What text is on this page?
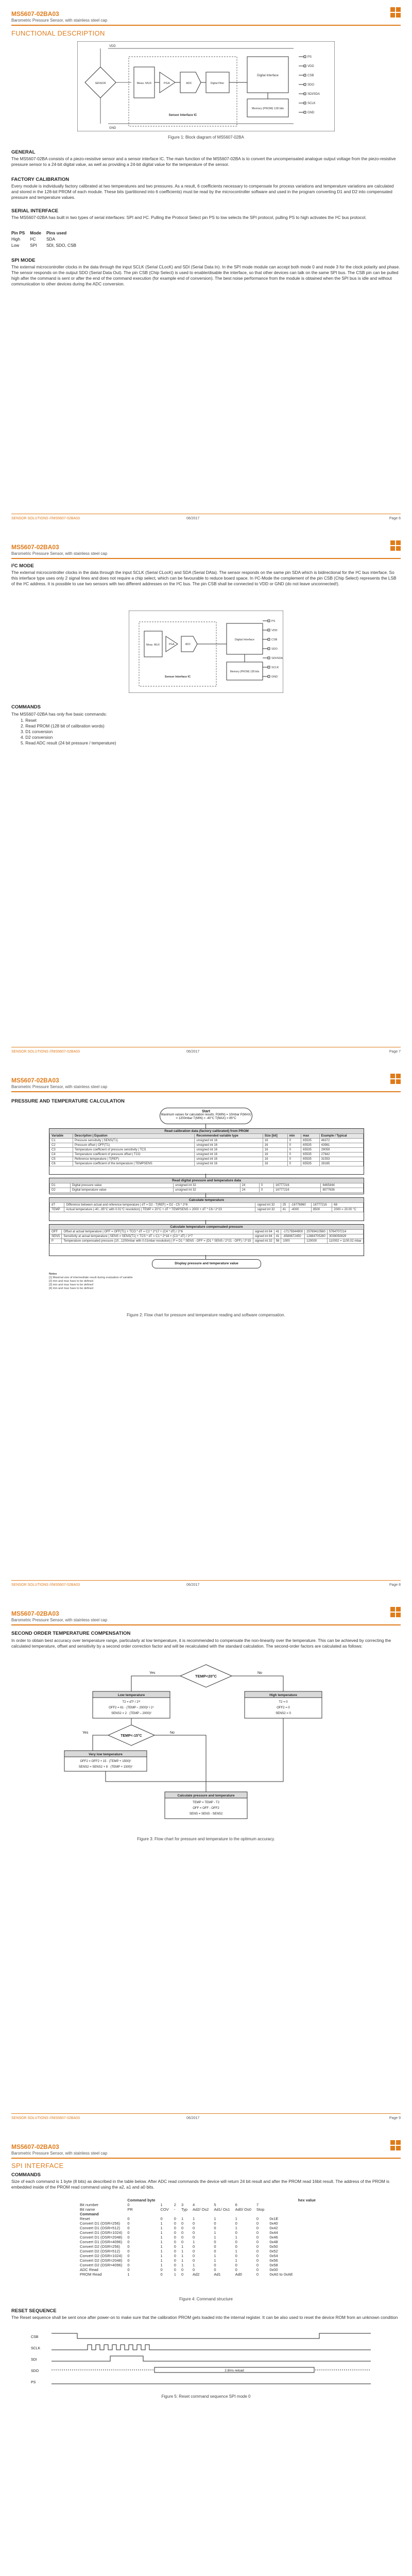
MS5607-02BA03
Barometric Pressure Sensor, with stainless steel cap
FUNCTIONAL DESCRIPTION
VDD
GND
SENSOR	Meas. MUX	PGA	ADC	Digital Filter
Sensor Interface IC
Digital Interface
Memory (PROM) 128 bits
PS
VDD
CSB
SDO
SDI/SDA
SCLK
GND
Figure 1: Block diagram of MS5607-02BA
GENERAL
The MS5607-02BA consists of a piezo-resistive sensor and a sensor interface IC. The main function of the MS5607-02BA is to convert the uncompensated analogue output voltage from the piezo-resistive pressure sensor to a 24-bit digital value, as well as providing a 24-bit digital value for the temperature of the sensor.
FACTORY CALIBRATION
Every module is individually factory calibrated at two temperatures and two pressures. As a result, 6 coefficients necessary to compensate for process variations and temperature variations are calculated and stored in the 128-bit PROM of each module. These bits (partitioned into 6 coefficients) must be read by the microcontroller software and used in the program converting D1 and D2 into compensated pressure and temperature values.
SERIAL INTERFACE
The MS5607-02BA has built in two types of serial interfaces: SPI and I²C. Pulling the Protocol Select pin PS to low selects the SPI protocol, pulling PS to high activates the I²C bus protocol.
Pin PS	Mode	Pins used
High	I²C	SDA
Low	SPI	SDI, SDO, CSB
SPI MODE
The external microcontroller clocks in the data through the input SCLK (Serial CLocK) and SDI (Serial Data In). In the SPI mode module can accept both mode 0 and mode 3 for the clock polarity and phase. The sensor responds on the output SDO (Serial Data Out). The pin CSB (Chip Select) is used to enable/disable the interface, so that other devices can talk on the same SPI bus. The CSB pin can be pulled high after the command is sent or after the end of the command execution (for example end of conversion). The best noise performance from the module is obtained when the SPI bus is idle and without communication to other devices during the ADC conversion.
SENSOR SOLUTIONS ///MS5607-02BA03	06/2017	Page 6
MS5607-02BA03
Barometric Pressure Sensor, with stainless steel cap
I²C MODE
The external microcontroller clocks in the data through the input SCLK (Serial CLocK) and SDA (Serial DAta). The sensor responds on the same pin SDA which is bidirectional for the I²C bus interface. So this interface type uses only 2 signal lines and does not require a chip select, which can be favourable to reduce board space. In I²C-Mode the complement of the pin CSB (Chip Select) represents the LSB of the I²C address. It is possible to use two sensors with two different addresses on the I²C bus. The pin CSB shall be connected to VDD or GND (do not leave unconnected!).
Meas. MUX	PGA	ADC
Sensor Interface IC
Digital Interface
Memory (PROM) 128 bits
PS
VDD
CSB
SDO
SDI/SDA
SCLK
GND
COMMANDS
The MS5607-02BA has only five basic commands:
1. Reset
2. Read PROM (128 bit of calibration words)
3. D1 conversion
4. D2 conversion
5. Read ADC result (24 bit pressure / temperature)
SENSOR SOLUTIONS ///MS5607-02BA03	06/2017	Page 7
MS5607-02BA03
Barometric Pressure Sensor, with stainless steel cap
PRESSURE AND TEMPERATURE CALCULATION
Start
Maximum values for calculation results: P(MIN) = 10mbar P(MAX) = 1200mbar T(MIN) = -40°C T(MAX) = 85°C
Read calibration data (factory calibrated) from PROM
Variable	Description | Equation	Recommended variable type	Size [bit]	min	max	Example / Typical
C1	Pressure sensitivity | SENS(T1)	unsigned int 16	16	0	65535	46372
C2	Pressure offset | OFF(T1)	unsigned int 16	16	0	65535	43981
C3	Temperature coefficient of pressure sensitivity | TCS	unsigned int 16	16	0	65535	29059
C4	Temperature coefficient of pressure offset | TCO	unsigned int 16	16	0	65535	27842
C5	Reference temperature | T(REF)	unsigned int 16	16	0	65535	31553
C6	Temperature coefficient of the temperature | TEMPSENS	unsigned int 16	16	0	65535	28165
Read digital pressure and temperature data
D1	Digital pressure value	unsigned int 32	24	0	16777216	6465444
D2	Digital temperature value	unsigned int 32	24	0	16777216	8077636
Calculate temperature
dT	Difference between actual and reference temperature | dT = D2 - T(REF) = D2 - C5 * 2^8	signed int 32	25	-16776960	16777216	68
TEMP	Actual temperature (-40...85°C with 0.01°C resolution) | TEMP = 20°C + dT * TEMPSENS = 2000 + dT * C6 / 2^23	signed int 32	41	-4000	8500	2000 = 20.00 °C
Calculate temperature compensated pressure
OFF	Offset at actual temperature | OFF = OFF(T1) + TCO * dT = C2 * 2^17 + (C4 * dT) / 2^6	signed int 64	41	-17179344900	25769410560	5764707214
SENS	Sensitivity at actual temperature | SENS = SENS(T1) + TCS * dT = C1 * 2^16 + (C3 * dT) / 2^7	signed int 64	41	-8589672450	12884705280	3039050829
P	Temperature compensated pressure (10...1200mbar with 0.01mbar resolution) | P = D1 * SENS - OFF = (D1 * SENS / 2^21 - OFF) / 2^15	signed int 32	58	1000	120000	110002 = 1100.02 mbar
Display pressure and temperature value
Notes
[1] Maximal size of intermediate result during evaluation of variable
[2] min and max have to be defined
[3] min and max have to be defined
[4] min and max have to be defined
Figure 2: Flow chart for pressure and temperature reading and software compensation.
SENSOR SOLUTIONS ///MS5607-02BA03	06/2017	Page 8
MS5607-02BA03
Barometric Pressure Sensor, with stainless steel cap
SECOND ORDER TEMPERATURE COMPENSATION
In order to obtain best accuracy over temperature range, particularly at low temperature, it is recommended to compensate the non-linearity over the temperature. This can be achieved by correcting the calculated temperature, offset and sensitivity by a second order correction factor and will be recalculated with the standard calculation. The second-order factors are calculated as follows:
TEMP<20°C
Yes	No
Low temperature
T2 = dT² / 2³¹
OFF2 = 61 · (TEMP – 2000)² / 2⁴
SENS2 = 2 · (TEMP – 2000)²
High temperature
T2 = 0
OFF2 = 0
SENS2 = 0
TEMP<-15°C
Yes	No
Very low temperature
OFF2 = OFF2 + 15 · (TEMP + 1500)²
SENS2 = SENS2 + 8 · (TEMP + 1500)²
Calculate pressure and temperature
TEMP = TEMP - T2
OFF = OFF - OFF2
SENS = SENS - SENS2
Figure 3: Flow chart for pressure and temperature to the optimum accuracy.
SENSOR SOLUTIONS ///MS5607-02BA03	06/2017	Page 9
MS5607-02BA03
Barometric Pressure Sensor, with stainless steel cap
SPI INTERFACE
COMMANDS
Size of each command is 1 byte (8 bits) as described in the table below. After ADC read commands the device will return 24 bit result and after the PROM read 16bit result. The address of the PROM is embedded inside of the PROM read command using the a2, a1 and a0 bits.
	Command byte									hex value
Bit number	0	1	2	3	4	5	6	7		
Bit name	PR	COV	-	Typ	Ad2/ Os2	Ad1/ Os1	Ad0/ Os0	Stop		
Command										
Reset	0	0	0	1	1	1	1	0	0x1E	
Convert D1 (OSR=256)	0	1	0	0	0	0	0	0	0x40	
Convert D1 (OSR=512)	0	1	0	0	0	0	1	0	0x42	
Convert D1 (OSR=1024)	0	1	0	0	0	1	0	0	0x44	
Convert D1 (OSR=2048)	0	1	0	0	0	1	1	0	0x46	
Convert D1 (OSR=4096)	0	1	0	0	1	0	0	0	0x48	
Convert D2 (OSR=256)	0	1	0	1	0	0	0	0	0x50	
Convert D2 (OSR=512)	0	1	0	1	0	0	1	0	0x52	
Convert D2 (OSR=1024)	0	1	0	1	0	1	0	0	0x54	
Convert D2 (OSR=2048)	0	1	0	1	0	1	1	0	0x56	
Convert D2 (OSR=4096)	0	1	0	1	1	0	0	0	0x58	
ADC Read	0	0	0	0	0	0	0	0	0x00	
PROM Read	1	0	1	0	Ad2	Ad1	Ad0	0	0xA0 to 0xAE	
Figure 4: Command structure
RESET SEQUENCE
The Reset sequence shall be sent once after power-on to make sure that the calibration PROM gets loaded into the internal register. It can be also used to reset the device ROM from an unknown condition
CSB
SCLK
SDI
SDO
PS
2.8ms reload
Figure 5: Reset command sequence SPI mode 0
